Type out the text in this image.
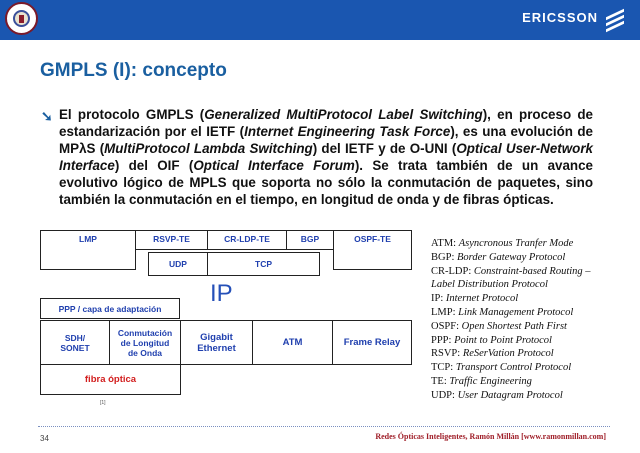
ERICSSON
GMPLS (I): concepto
➘ El protocolo GMPLS (Generalized MultiProtocol Label Switching), en proceso de estandarización por el IETF (Internet Engineering Task Force), es una evolución de MPλS (MultiProtocol Lambda Switching) del IETF y de O-UNI (Optical User-Network Interface) del OIF (Optical Interface Forum). Se trata también de un avance evolutivo lógico de MPLS que soporta no sólo la conmutación de paquetes, sino también la conmutación en el tiempo, en longitud de onda y de fibras ópticas.

LMP	RSVP-TE	CR-LDP-TE	BGP	OSPF-TE
UDP	TCP
IP
PPP / capa de adaptación
SDH/
SONET
Conmutación
de Longitud
de Onda
Gigabit
Ethernet
ATM	Frame Relay
fibra óptica
[1]
ATM: Asyncronous Tranfer Mode
BGP: Border Gateway Protocol
CR-LDP: Constraint-based Routing –
Label Distribution Protocol
IP: Internet Protocol
LMP: Link Management Protocol
OSPF: Open Shortest Path First
PPP: Point to Point Protocol
RSVP: ReSerVation Protocol
TCP: Transport Control Protocol
TE: Traffic Engineering
UDP: User Datagram Protocol
34	Redes Ópticas Inteligentes, Ramón Millán [www.ramonmillan.com]
